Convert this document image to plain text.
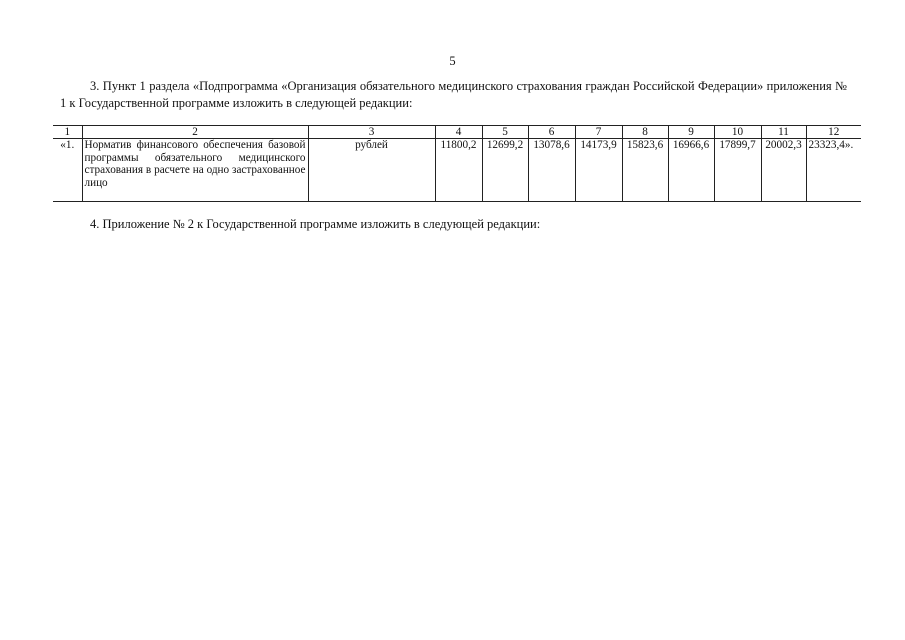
5
3. Пункт 1 раздела «Подпрограмма «Организация обязательного медицинского страхования граждан Российской Федерации» приложения № 1 к Государственной программе изложить в следующей редакции:
1	2	3	4	5	6	7	8	9	10	11	12
«1.	Норматив финансового обеспечения базовой программы обязательного медицинского страхования в расчете на одно застрахованное лицо	рублей	11800,2	12699,2	13078,6	14173,9	15823,6	16966,6	17899,7	20002,3	23323,4».
4. Приложение № 2 к Государственной программе изложить в следующей редакции:
